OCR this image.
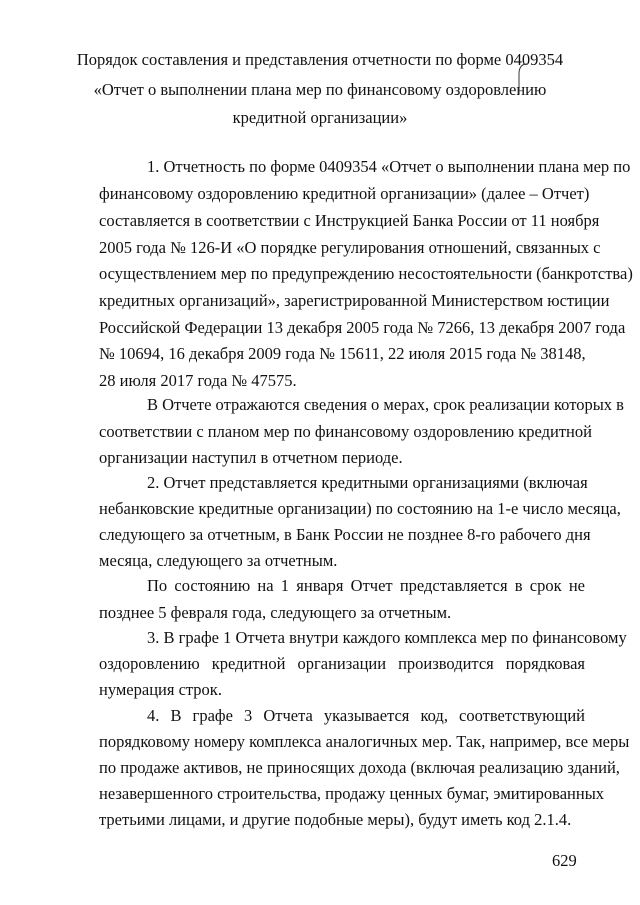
Порядок составления и представления отчетности по форме 0409354
«Отчет о выполнении плана мер по финансовому оздоровлению
кредитной организации»
1. Отчетность по форме 0409354 «Отчет о выполнении плана мер по
финансовому оздоровлению кредитной организации» (далее – Отчет)
составляется в соответствии с Инструкцией Банка России от 11 ноября
2005 года № 126-И «О порядке регулирования отношений, связанных с
осуществлением мер по предупреждению несостоятельности (банкротства)
кредитных организаций», зарегистрированной Министерством юстиции
Российской Федерации 13 декабря 2005 года № 7266, 13 декабря 2007 года
№ 10694, 16 декабря 2009 года № 15611, 22 июля 2015 года № 38148,
28 июля 2017 года № 47575.
В Отчете отражаются сведения о мерах, срок реализации которых в
соответствии с планом мер по финансовому оздоровлению кредитной
организации наступил в отчетном периоде.
2. Отчет представляется кредитными организациями (включая
небанковские кредитные организации) по состоянию на 1-е число месяца,
следующего за отчетным, в Банк России не позднее 8-го рабочего дня
месяца, следующего за отчетным.
По состоянию на 1 января Отчет представляется в срок не
позднее 5 февраля года, следующего за отчетным.
3. В графе 1 Отчета внутри каждого комплекса мер по финансовому
оздоровлению кредитной организации производится порядковая
нумерация строк.
4. В графе 3 Отчета указывается код, соответствующий
порядковому номеру комплекса аналогичных мер. Так, например, все меры
по продаже активов, не приносящих дохода (включая реализацию зданий,
незавершенного строительства, продажу ценных бумаг, эмитированных
третьими лицами, и другие подобные меры), будут иметь код 2.1.4.
629
